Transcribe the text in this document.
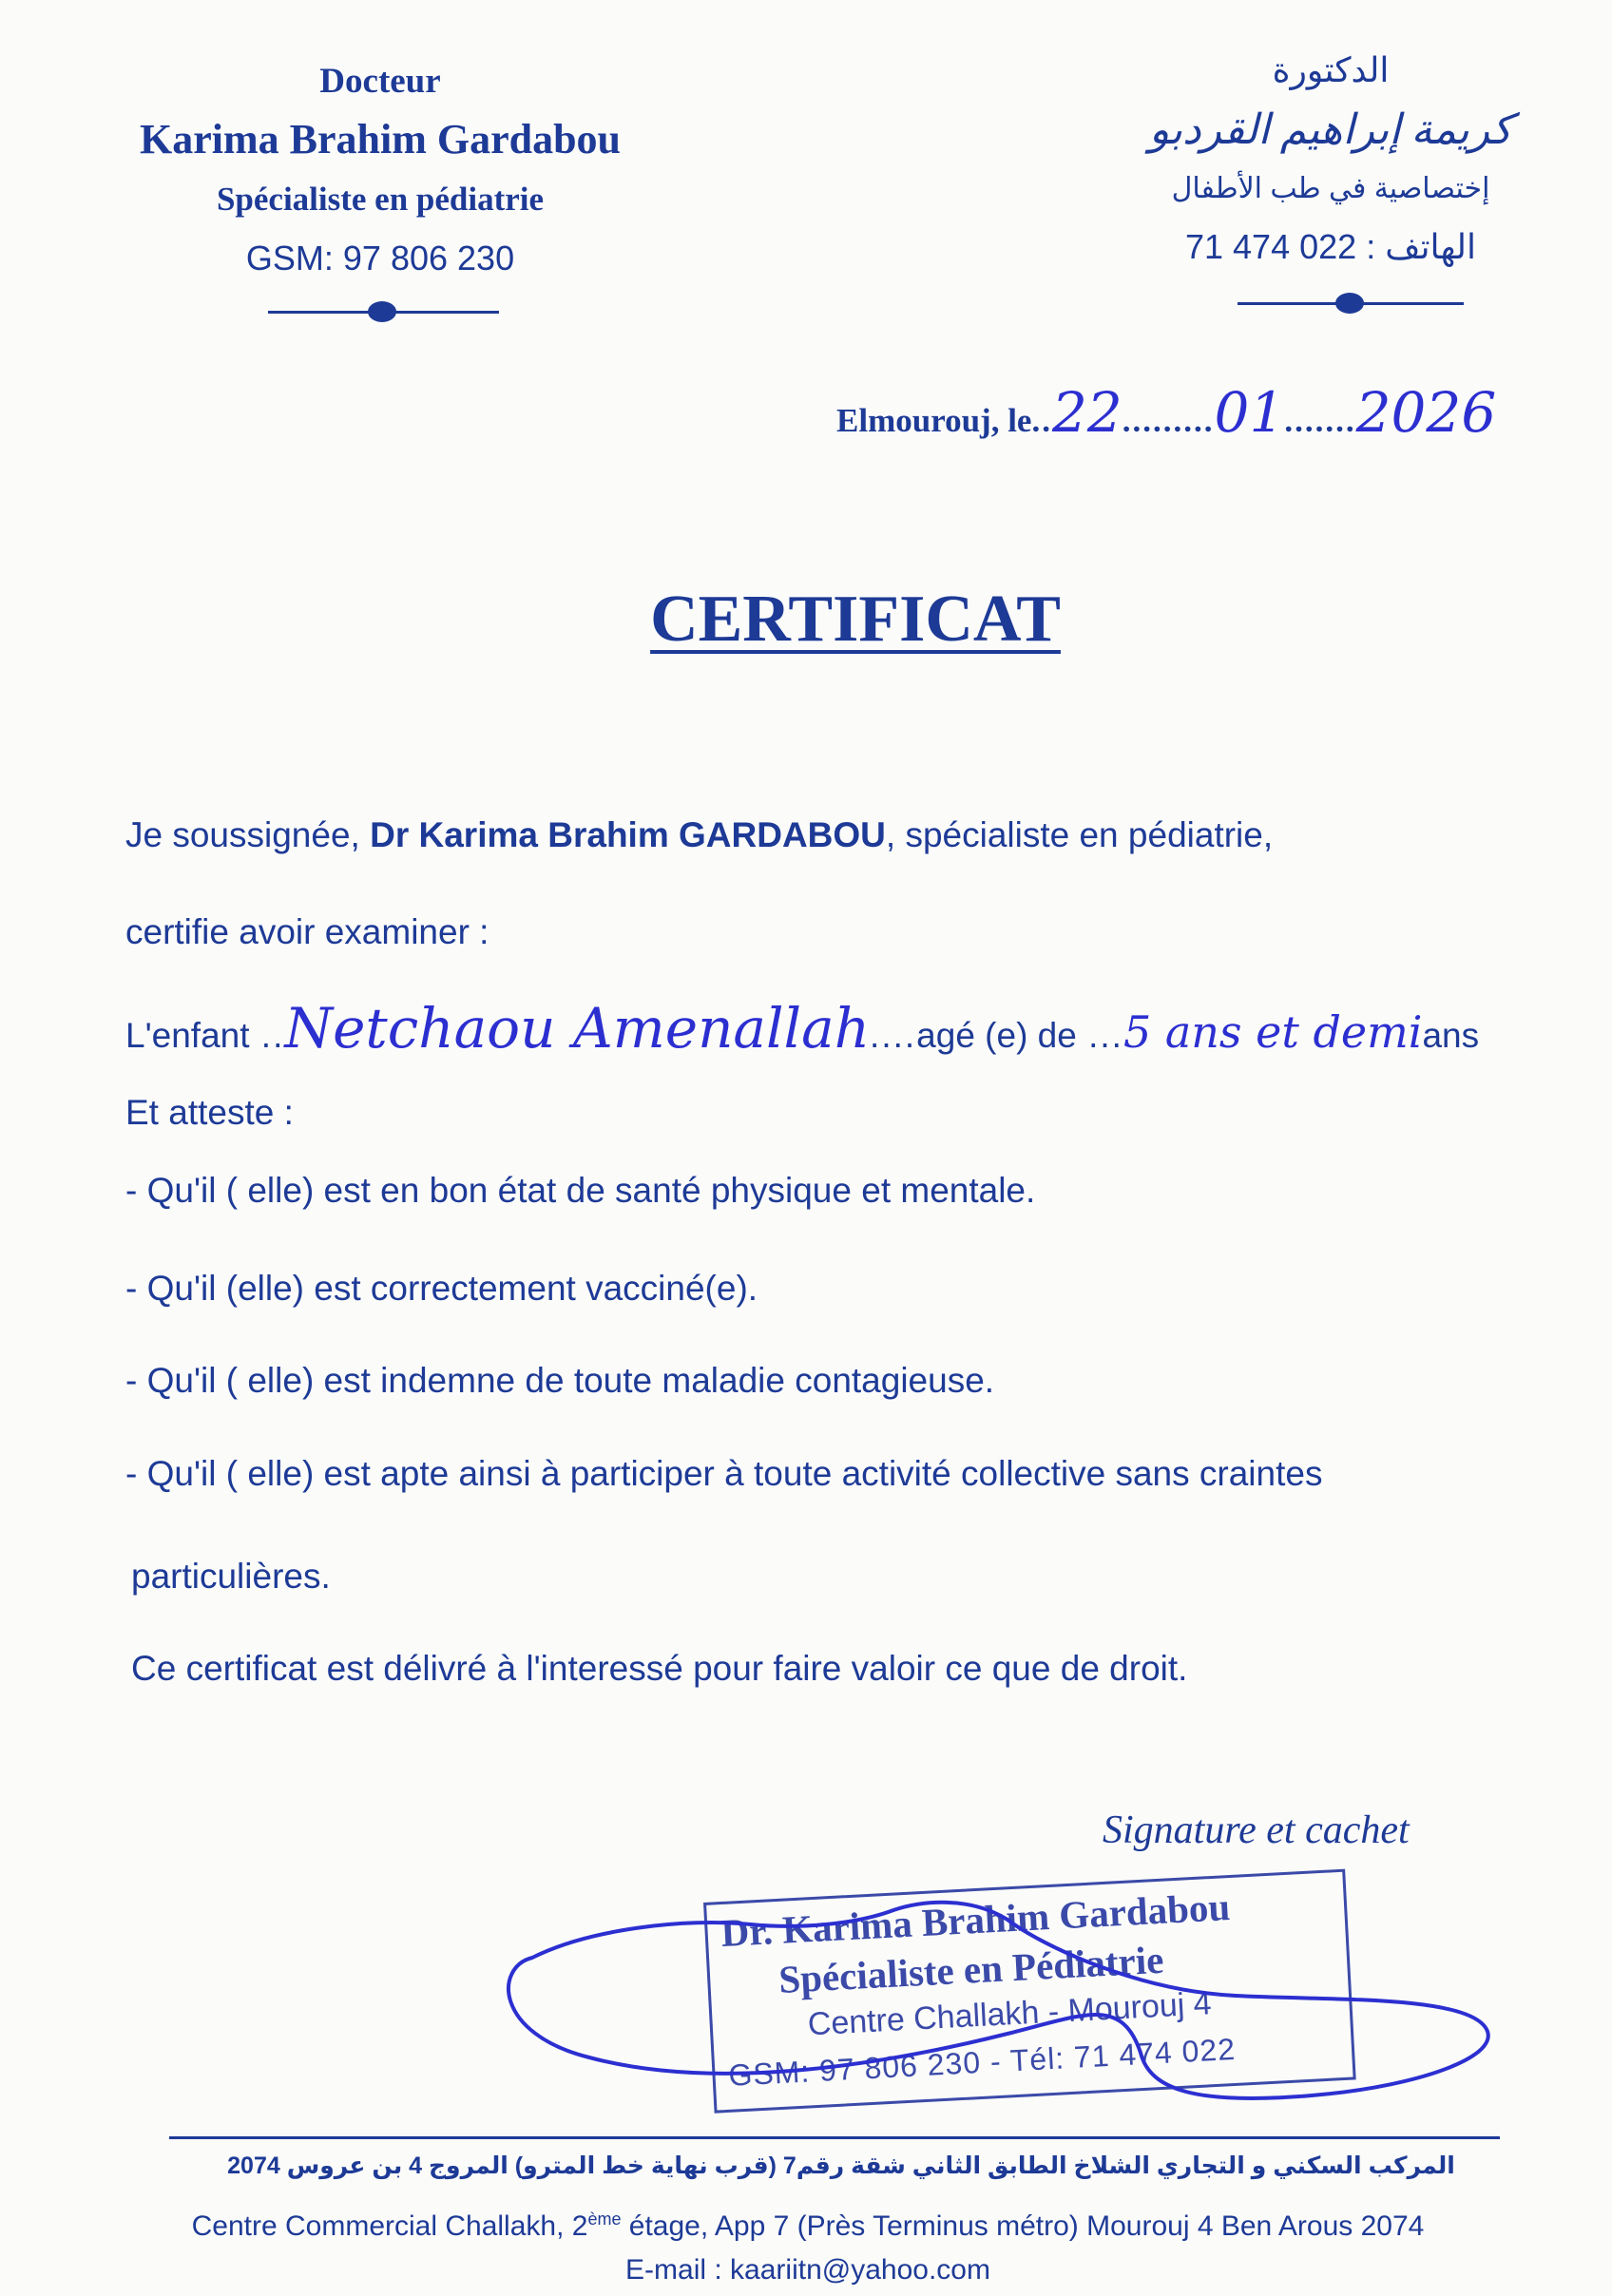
Docteur
Karima Brahim Gardabou
Spécialiste en pédiatrie
GSM: 97 806 230
الدكتورة
كريمة إبراهيم القردبو
إختصاصية في طب الأطفال
الهاتف : 71 474 022
Elmourouj, le..22.........01.......2026
CERTIFICAT
Je soussignée, Dr Karima Brahim GARDABOU, spécialiste en pédiatrie,
certifie avoir examiner :
L'enfant ..Netchaou Amenallah....agé (e) de ...5 ans et demians
Et atteste :
- Qu'il ( elle) est en bon état de santé physique et mentale.
- Qu'il (elle) est correctement vacciné(e).
- Qu'il ( elle) est indemne de toute maladie contagieuse.
- Qu'il ( elle) est apte ainsi à participer à toute activité collective sans craintes
particulières.
Ce certificat est délivré à l'interessé pour faire valoir ce que de droit.
Signature et cachet
Dr. Karima Brahim Gardabou
Spécialiste en Pédiatrie
Centre Challakh - Mourouj 4
GSM: 97 806 230 - Tél: 71 474 022
المركب السكني و التجاري الشلاخ الطابق الثاني شقة رقم7 (قرب نهاية خط المترو) المروج 4 بن عروس 2074
Centre Commercial Challakh, 2ème étage, App 7 (Près Terminus métro) Mourouj 4 Ben Arous 2074
E-mail : kaariitn@yahoo.com
